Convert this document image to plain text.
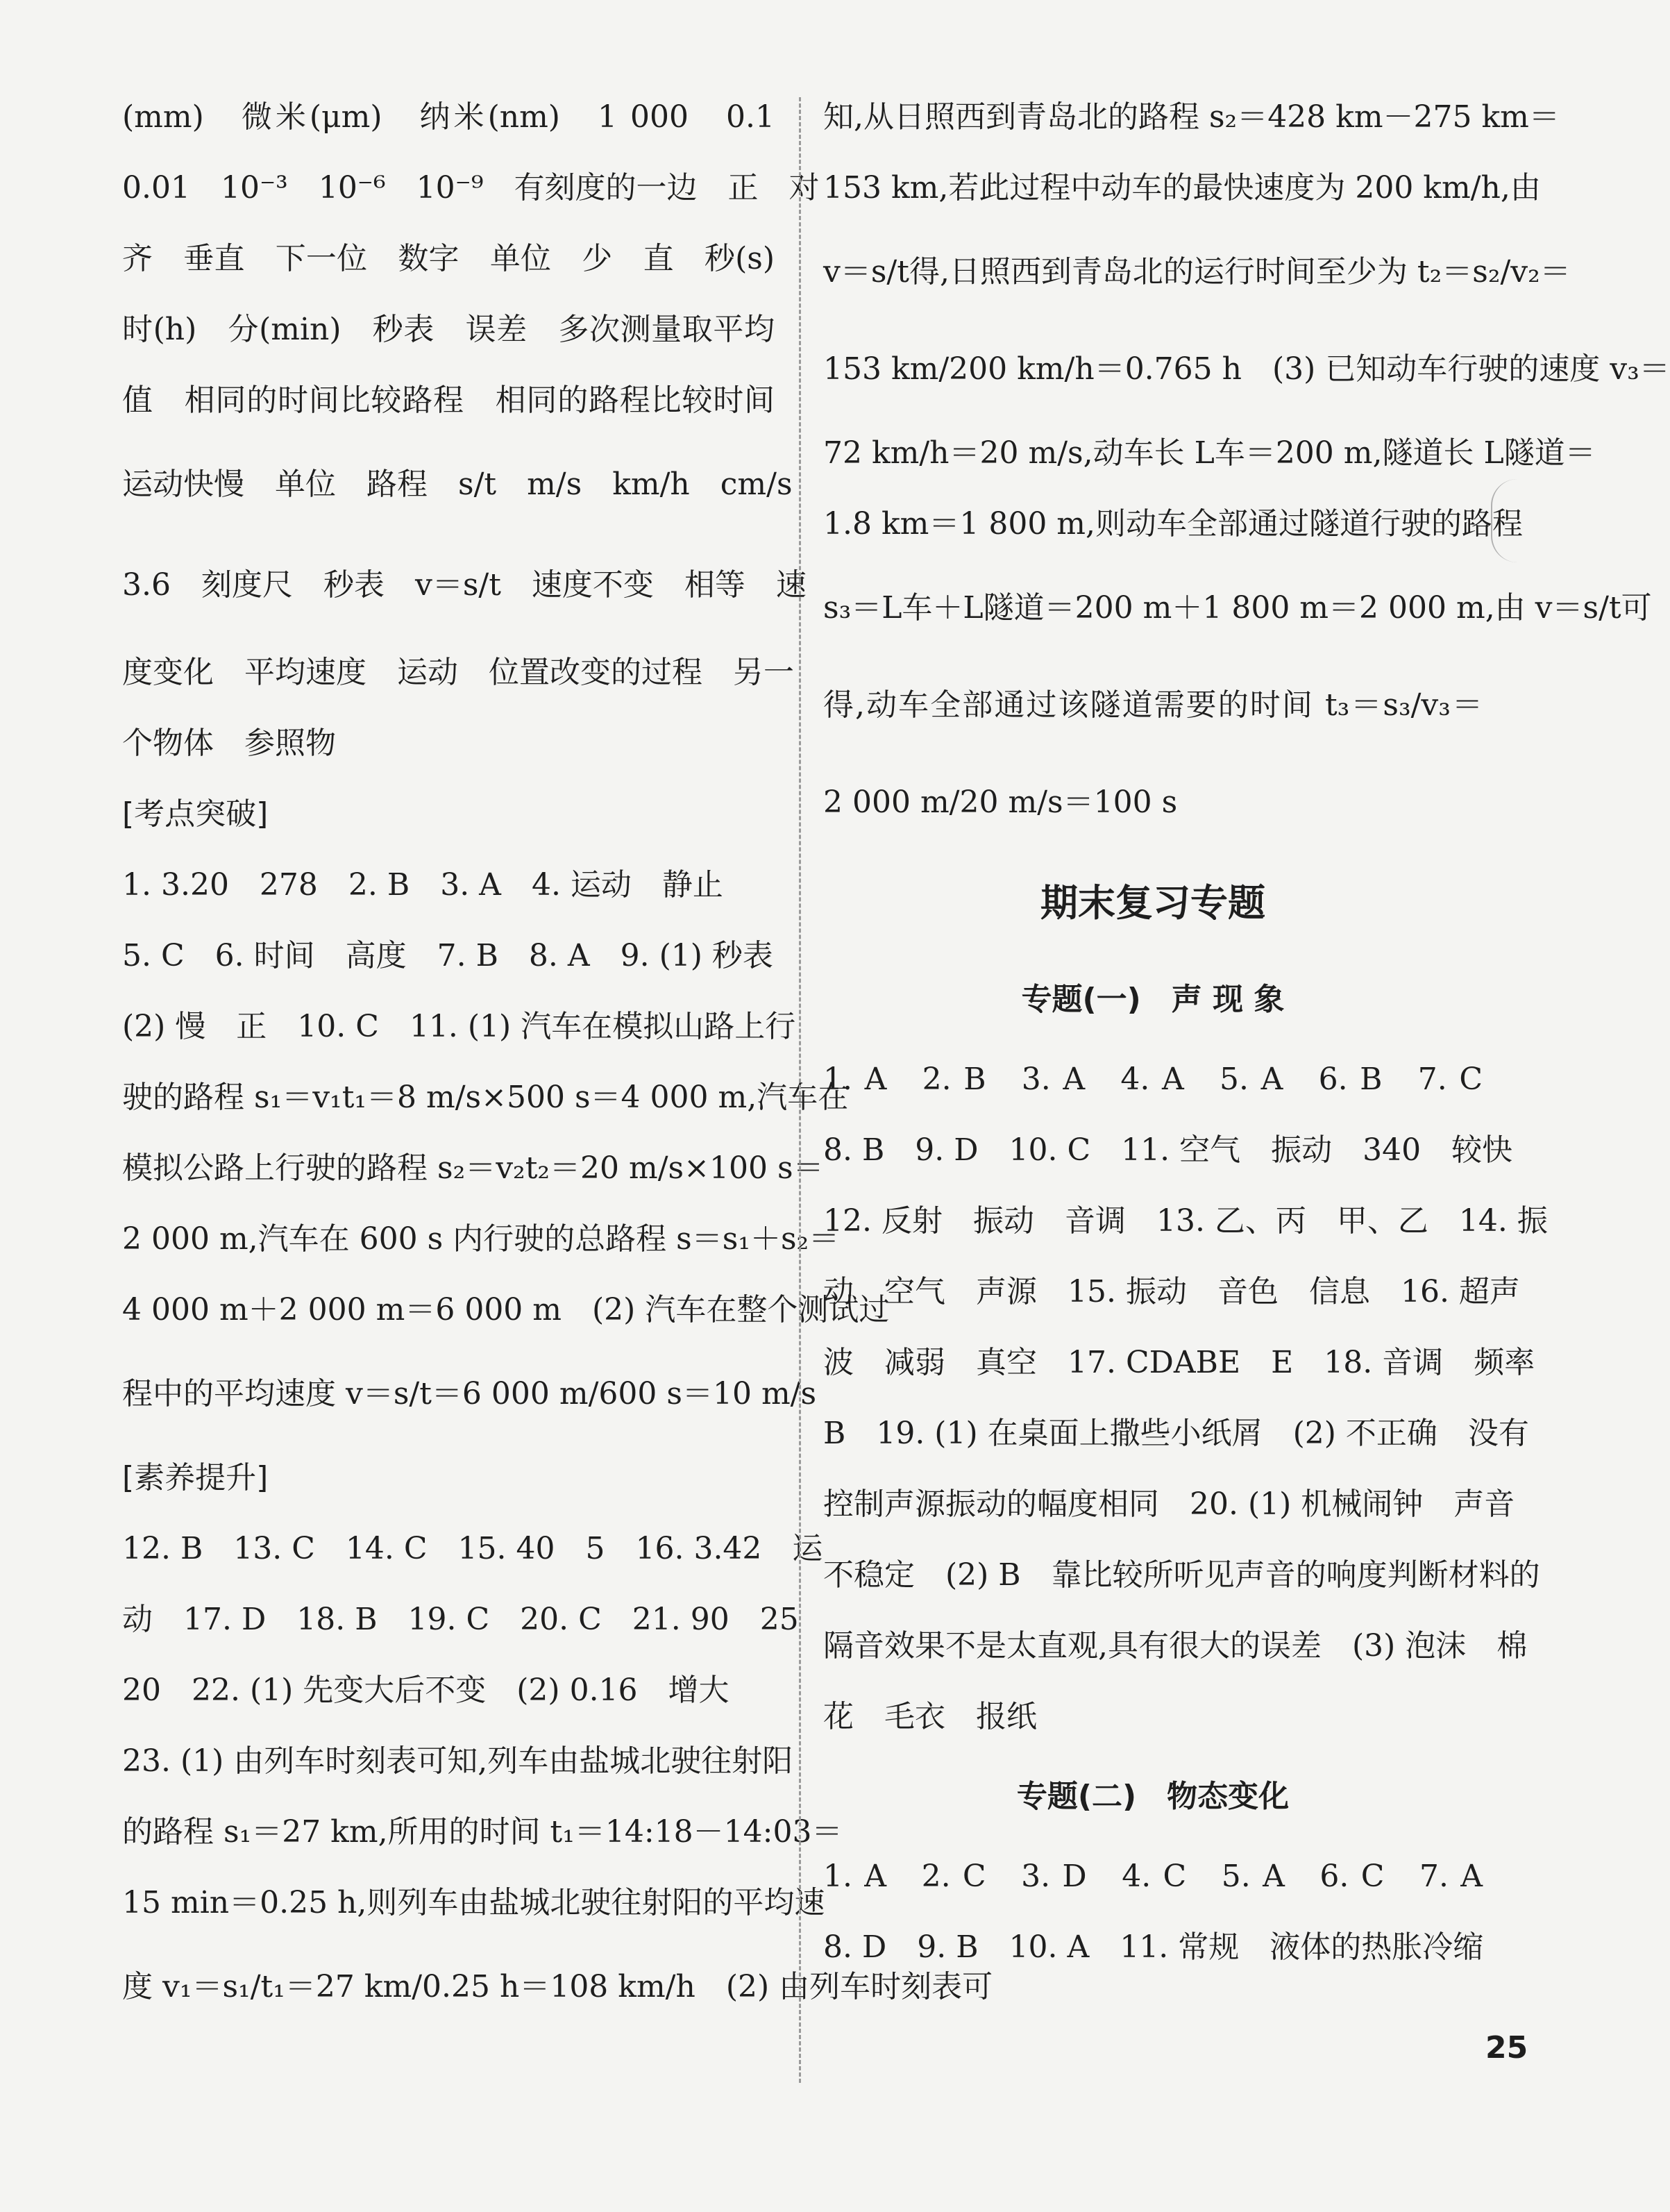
(mm)　微米(μm)　纳米(nm)　1 000　0.1
0.01　10⁻³　10⁻⁶　10⁻⁹　有刻度的一边　正　对
齐　垂直　下一位　数字　单位　少　直　秒(s)
时(h)　分(min)　秒表　误差　多次测量取平均
值　相同的时间比较路程　相同的路程比较时间
运动快慢　单位　路程　s/t　m/s　km/h　cm/s
3.6　刻度尺　秒表　v＝s/t　速度不变　相等　速
度变化　平均速度　运动　位置改变的过程　另一
个物体　参照物
[考点突破]
1. 3.20　278　2. B　3. A　4. 运动　静止
5. C　6. 时间　高度　7. B　8. A　9. (1) 秒表
(2) 慢　正　10. C　11. (1) 汽车在模拟山路上行
驶的路程 s₁＝v₁t₁＝8 m/s×500 s＝4 000 m,汽车在
模拟公路上行驶的路程 s₂＝v₂t₂＝20 m/s×100 s＝
2 000 m,汽车在 600 s 内行驶的总路程 s＝s₁＋s₂＝
4 000 m＋2 000 m＝6 000 m　(2) 汽车在整个测试过
程中的平均速度 v＝s/t＝6 000 m/600 s＝10 m/s
[素养提升]
12. B　13. C　14. C　15. 40　5　16. 3.42　运
动　17. D　18. B　19. C　20. C　21. 90　25
20　22. (1) 先变大后不变　(2) 0.16　增大
23. (1) 由列车时刻表可知,列车由盐城北驶往射阳
的路程 s₁＝27 km,所用的时间 t₁＝14:18－14:03＝
15 min＝0.25 h,则列车由盐城北驶往射阳的平均速
度 v₁＝s₁/t₁＝27 km/0.25 h＝108 km/h　(2) 由列车时刻表可
知,从日照西到青岛北的路程 s₂＝428 km－275 km＝
153 km,若此过程中动车的最快速度为 200 km/h,由
v＝s/t得,日照西到青岛北的运行时间至少为 t₂＝s₂/v₂＝
153 km/200 km/h＝0.765 h　(3) 已知动车行驶的速度 v₃＝
72 km/h＝20 m/s,动车长 L车＝200 m,隧道长 L隧道＝
1.8 km＝1 800 m,则动车全部通过隧道行驶的路程
s₃＝L车＋L隧道＝200 m＋1 800 m＝2 000 m,由 v＝s/t可
得,动车全部通过该隧道需要的时间 t₃＝s₃/v₃＝
2 000 m/20 m/s＝100 s
期末复习专题
专题(一)　声 现 象
1. A　2. B　3. A　4. A　5. A　6. B　7. C
8. B　9. D　10. C　11. 空气　振动　340　较快
12. 反射　振动　音调　13. 乙、丙　甲、乙　14. 振
动　空气　声源　15. 振动　音色　信息　16. 超声
波　减弱　真空　17. CDABE　E　18. 音调　频率
B　19. (1) 在桌面上撒些小纸屑　(2) 不正确　没有
控制声源振动的幅度相同　20. (1) 机械闹钟　声音
不稳定　(2) B　靠比较所听见声音的响度判断材料的
隔音效果不是太直观,具有很大的误差　(3) 泡沫　棉
花　毛衣　报纸
专题(二)　物态变化
1. A　2. C　3. D　4. C　5. A　6. C　7. A
8. D　9. B　10. A　11. 常规　液体的热胀冷缩
25
